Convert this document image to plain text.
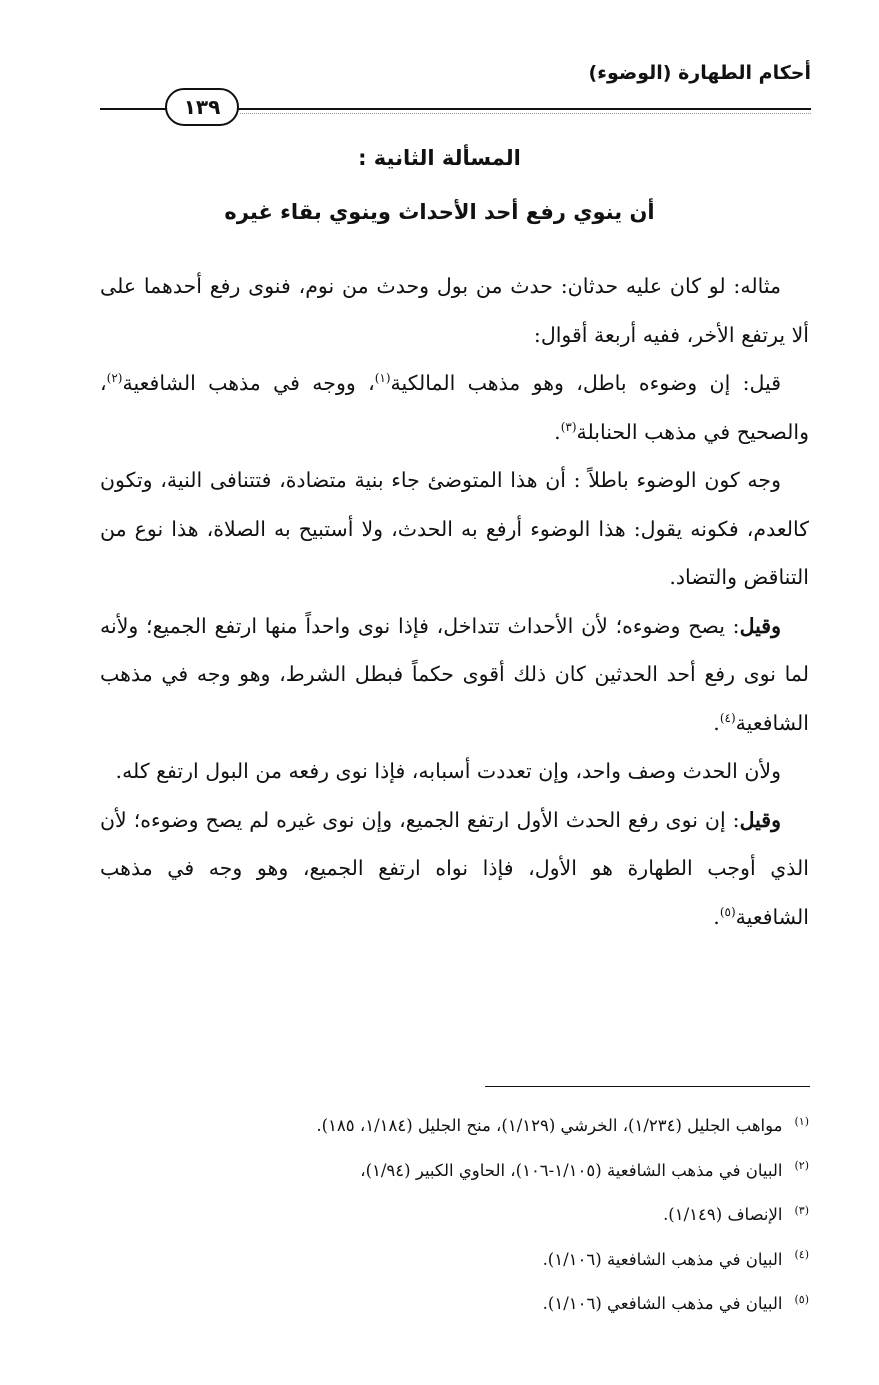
أحكام الطهارة (الوضوء)
١٣٩
المسألة الثانية :
أن ينوي رفع أحد الأحداث وينوي بقاء غيره

مثاله: لو كان عليه حدثان: حدث من بول وحدث من نوم، فنوى رفع أحدهما على ألا يرتفع الأخر، ففيه أربعة أقوال:

قيل: إن وضوءه باطل، وهو مذهب المالكية$^{(١)}$، ووجه في مذهب الشافعية$^{(٢)}$، والصحيح في مذهب الحنابلة$^{(٣)}$.

وجه كون الوضوء باطلاً : أن هذا المتوضئ جاء بنية متضادة، فتتنافى النية، وتكون كالعدم، فكونه يقول: هذا الوضوء أرفع به الحدث، ولا أستبيح به الصلاة، هذا نوع من التناقض والتضاد.

وقيل: يصح وضوءه؛ لأن الأحداث تتداخل، فإذا نوى واحداً منها ارتفع الجميع؛ ولأنه لما نوى رفع أحد الحدثين كان ذلك أقوى حكماً فبطل الشرط، وهو وجه في مذهب الشافعية$^{(٤)}$.

ولأن الحدث وصف واحد، وإن تعددت أسبابه، فإذا نوى رفعه من البول ارتفع كله.

وقيل: إن نوى رفع الحدث الأول ارتفع الجميع، وإن نوى غيره لم يصح وضوءه؛ لأن الذي أوجب الطهارة هو الأول، فإذا نواه ارتفع الجميع، وهو وجه في مذهب الشافعية$^{(٥)}$.

$^{(١)}$مواهب الجليل (١/٢٣٤)، الخرشي (١/١٢٩)، منح الجليل (١/١٨٤، ١٨٥).

$^{(٢)}$البيان في مذهب الشافعية (١/١٠٥-١٠٦)، الحاوي الكبير (١/٩٤)،

$^{(٣)}$الإنصاف (١/١٤٩).

$^{(٤)}$البيان في مذهب الشافعية (١/١٠٦).

$^{(٥)}$البيان في مذهب الشافعي (١/١٠٦).
